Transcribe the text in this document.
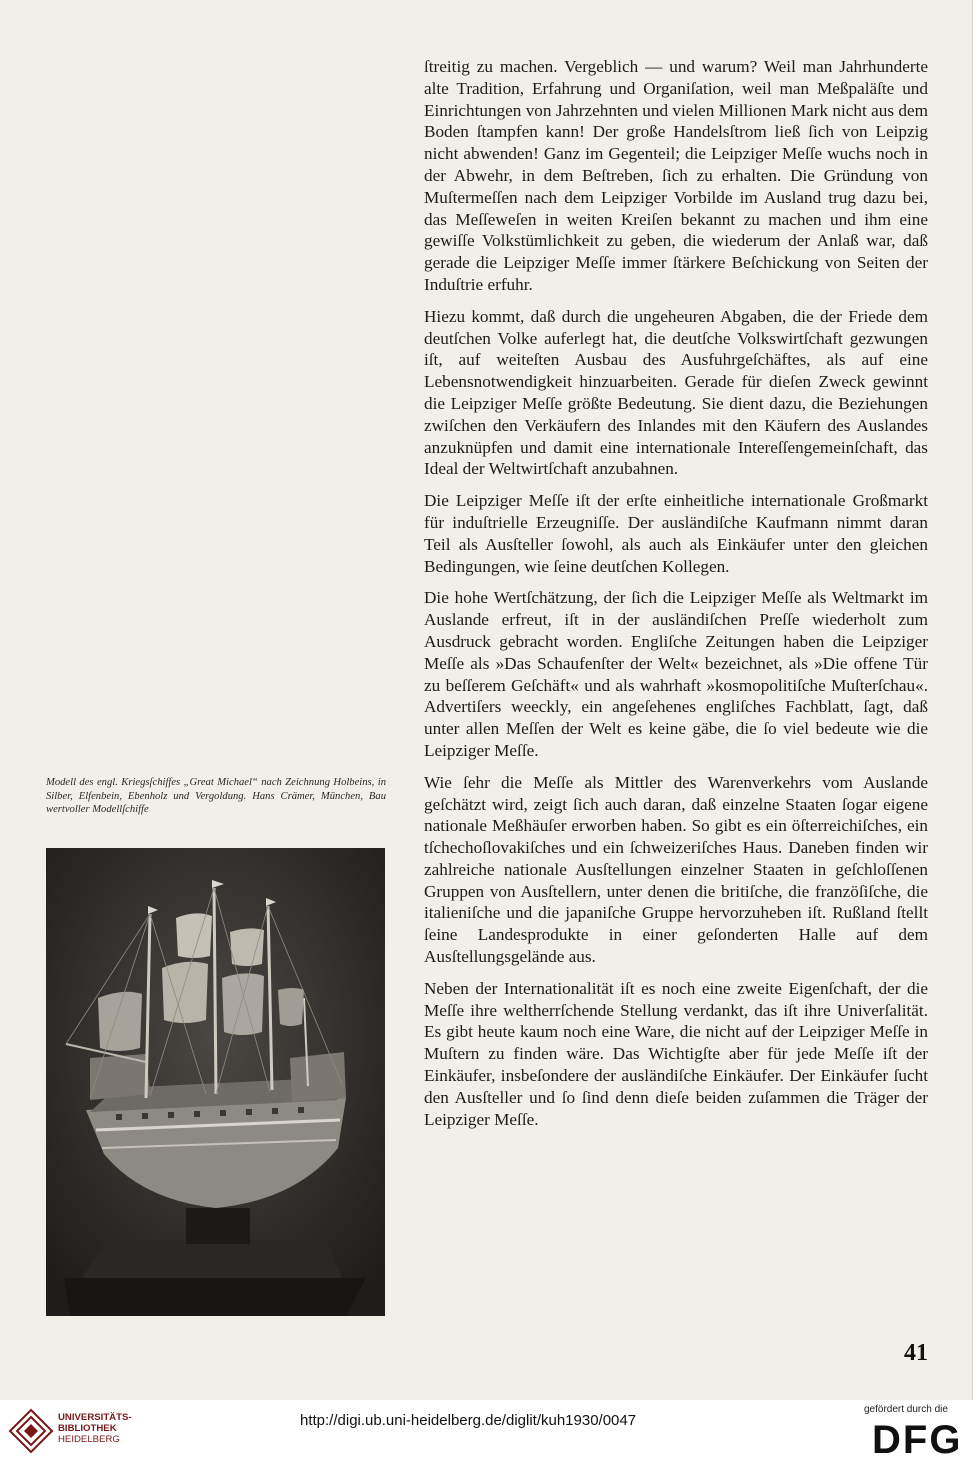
Modell des engl. Kriegsſchiffes „Great Michael“ nach Zeichnung Holbeins, in Silber, Elfenbein, Ebenholz und Vergoldung. Hans Crämer, München, Bau wertvoller Modellſchiffe

ſtreitig zu machen. Vergeblich — und warum? Weil man Jahrhunderte alte Tradition, Erfahrung und Organiſation, weil man Meßpaläſte und Einrichtungen von Jahrzehnten und vielen Millionen Mark nicht aus dem Boden ſtampfen kann! Der große Handelsſtrom ließ ſich von Leipzig nicht abwenden! Ganz im Gegenteil; die Leipziger Meſſe wuchs noch in der Abwehr, in dem Beſtreben, ſich zu erhalten. Die Gründung von Muſtermeſſen nach dem Leipziger Vorbilde im Ausland trug dazu bei, das Meſſeweſen in weiten Kreiſen bekannt zu machen und ihm eine gewiſſe Volkstümlichkeit zu geben, die wiederum der Anlaß war, daß gerade die Leipziger Meſſe immer ſtärkere Beſchickung von Seiten der Induſtrie erfuhr.

Hiezu kommt, daß durch die ungeheuren Abgaben, die der Friede dem deutſchen Volke auferlegt hat, die deutſche Volkswirtſchaft gezwungen iſt, auf weiteſten Ausbau des Ausfuhrgeſchäftes, als auf eine Lebensnotwendigkeit hinzuarbeiten. Gerade für dieſen Zweck gewinnt die Leipziger Meſſe größte Bedeutung. Sie dient dazu, die Beziehungen zwiſchen den Verkäufern des Inlandes mit den Käufern des Auslandes anzuknüpfen und damit eine internationale Intereſſengemeinſchaft, das Ideal der Weltwirtſchaft anzubahnen.

Die Leipziger Meſſe iſt der erſte einheitliche internationale Großmarkt für induſtrielle Erzeugniſſe. Der ausländiſche Kaufmann nimmt daran Teil als Ausſteller ſowohl, als auch als Einkäufer unter den gleichen Bedingungen, wie ſeine deutſchen Kollegen.

Die hohe Wertſchätzung, der ſich die Leipziger Meſſe als Weltmarkt im Auslande erfreut, iſt in der ausländiſchen Preſſe wiederholt zum Ausdruck gebracht worden. Engliſche Zeitungen haben die Leipziger Meſſe als »Das Schaufenſter der Welt« bezeichnet, als »Die offene Tür zu beſſerem Geſchäft« und als wahrhaft »kosmopolitiſche Muſterſchau«. Advertiſers weeckly, ein angeſehenes engliſches Fachblatt, ſagt, daß unter allen Meſſen der Welt es keine gäbe, die ſo viel bedeute wie die Leipziger Meſſe.

Wie ſehr die Meſſe als Mittler des Warenverkehrs vom Auslande geſchätzt wird, zeigt ſich auch daran, daß einzelne Staaten ſogar eigene nationale Meßhäuſer erworben haben. So gibt es ein öſterreichiſches, ein tſchechoſlovakiſches und ein ſchweizeriſches Haus. Daneben finden wir zahlreiche nationale Ausſtellungen einzelner Staaten in geſchloſſenen Gruppen von Ausſtellern, unter denen die britiſche, die franzöſiſche, die italieniſche und die japaniſche Gruppe hervorzuheben iſt. Rußland ſtellt ſeine Landesprodukte in einer geſonderten Halle auf dem Ausſtellungsgelände aus.

Neben der Internationalität iſt es noch eine zweite Eigenſchaft, der die Meſſe ihre weltherrſchende Stellung verdankt, das iſt ihre Univerſalität. Es gibt heute kaum noch eine Ware, die nicht auf der Leipziger Meſſe in Muſtern zu finden wäre. Das Wichtigſte aber für jede Meſſe iſt der Einkäufer, insbeſondere der ausländiſche Einkäufer. Der Einkäufer ſucht den Ausſteller und ſo ſind denn dieſe beiden zuſammen die Träger der Leipziger Meſſe.

41
UNIVERSITÄTS-
BIBLIOTHEK
HEIDELBERG
http://digi.ub.uni-heidelberg.de/diglit/kuh1930/0047
gefördert durch die
DFG
